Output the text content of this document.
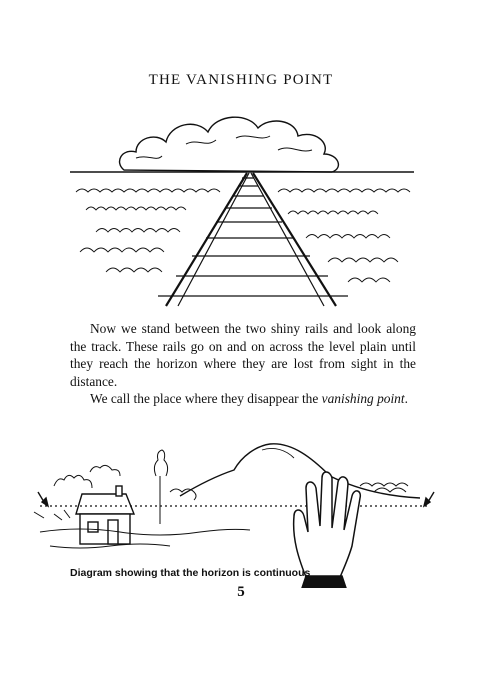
THE VANISHING POINT

Now we stand between the two shiny rails and look along the track. These rails go on and on across the level plain until they reach the horizon where they are lost from sight in the distance.

We call the place where they disappear the vanishing point.

Diagram showing that the horizon is continuous
5
